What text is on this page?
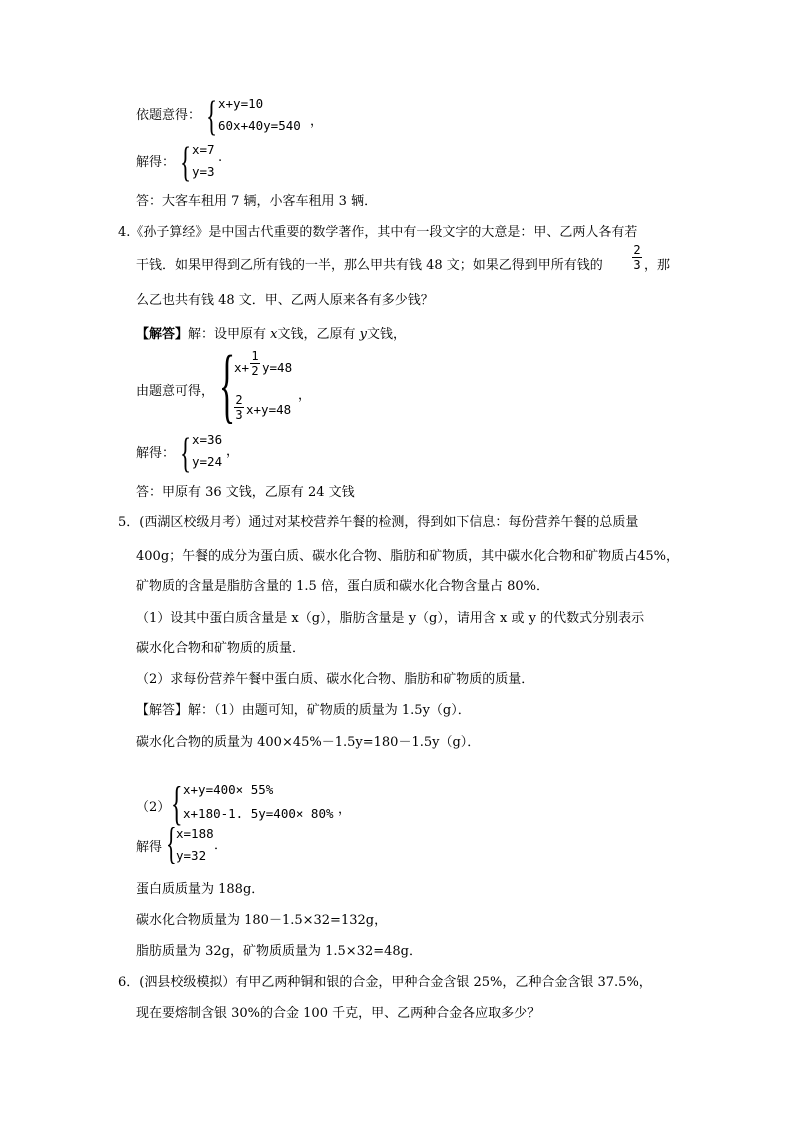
依题意得： { x+y=10
60x+40y=540 ，
解得： { x=7
y=3
.
答：大客车租用 7 辆，小客车租用 3 辆．
4.《孙子算经》是中国古代重要的数学著作，其中有一段文字的大意是：甲、乙两人各有若
干钱．如果甲得到乙所有钱的一半，那么甲共有钱 48 文；如果乙得到甲所有钱的
2
3 ，那
么乙也共有钱 48 文．甲、乙两人原来各有多少钱？
【解答】解：设甲原有 x文钱，乙原有 y文钱，
由题意可得， {
x+
1
2 y=48
2
3 x+y=48
，
解得： { x=36
y=24
，
答：甲原有 36 文钱，乙原有 24 文钱
5．(西湖区校级月考）通过对某校营养午餐的检测，得到如下信息：每份营养午餐的总质量
400g；午餐的成分为蛋白质、碳水化合物、脂肪和矿物质，其中碳水化合物和矿物质占45%，
矿物质的含量是脂肪含量的 1.5 倍，蛋白质和碳水化合物含量占 80%．
（1）设其中蛋白质含量是 x（g），脂肪含量是 y（g），请用含 x 或 y 的代数式分别表示
碳水化合物和矿物质的质量．
（2）求每份营养午餐中蛋白质、碳水化合物、脂肪和矿物质的质量．
【解答】解：（1）由题可知，矿物质的质量为 1.5y（g）．
碳水化合物的质量为 400×45%－1.5y=180－1.5y（g）．
（2） { x+y=400× 55%
x+180-1. 5y=400× 80% ，
解得 { x=188
y=32
．
蛋白质质量为 188g．
碳水化合物质量为 180－1.5×32=132g，
脂肪质量为 32g，矿物质质量为 1.5×32=48g．
6．(泗县校级模拟）有甲乙两种铜和银的合金，甲种合金含银 25%，乙种合金含银 37.5%，
现在要熔制含银 30%的合金 100 千克，甲、乙两种合金各应取多少？
